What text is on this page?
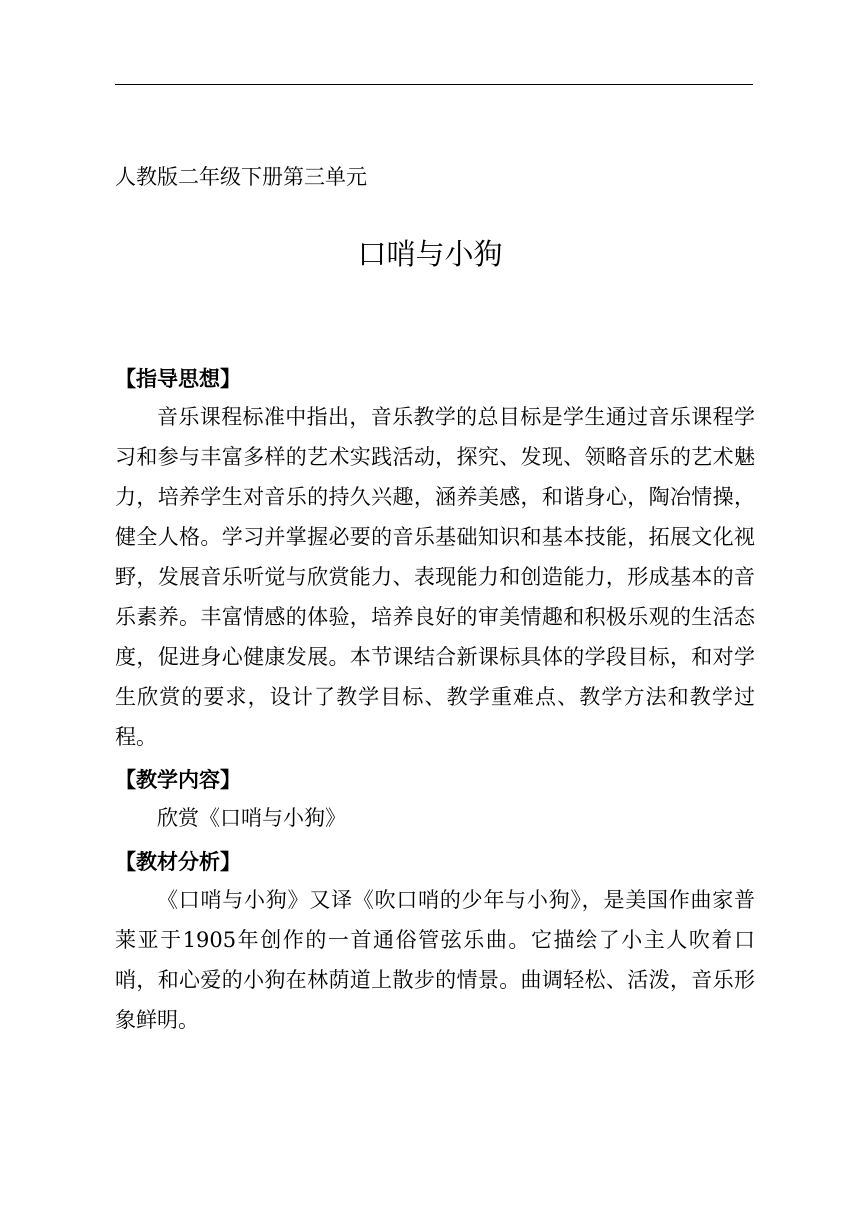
人教版二年级下册第三单元
口哨与小狗
【指导思想】

音乐课程标准中指出，音乐教学的总目标是学生通过音乐课程学习和参与丰富多样的艺术实践活动，探究、发现、领略音乐的艺术魅力，培养学生对音乐的持久兴趣，涵养美感，和谐身心，陶冶情操，健全人格。学习并掌握必要的音乐基础知识和基本技能，拓展文化视野，发展音乐听觉与欣赏能力、表现能力和创造能力，形成基本的音乐素养。丰富情感的体验，培养良好的审美情趣和积极乐观的生活态度，促进身心健康发展。本节课结合新课标具体的学段目标，和对学生欣赏的要求，设计了教学目标、教学重难点、教学方法和教学过程。

【教学内容】

欣赏《口哨与小狗》

【教材分析】

《口哨与小狗》又译《吹口哨的少年与小狗》，是美国作曲家普莱亚于1905年创作的一首通俗管弦乐曲。它描绘了小主人吹着口哨，和心爱的小狗在林荫道上散步的情景。曲调轻松、活泼，音乐形象鲜明。
